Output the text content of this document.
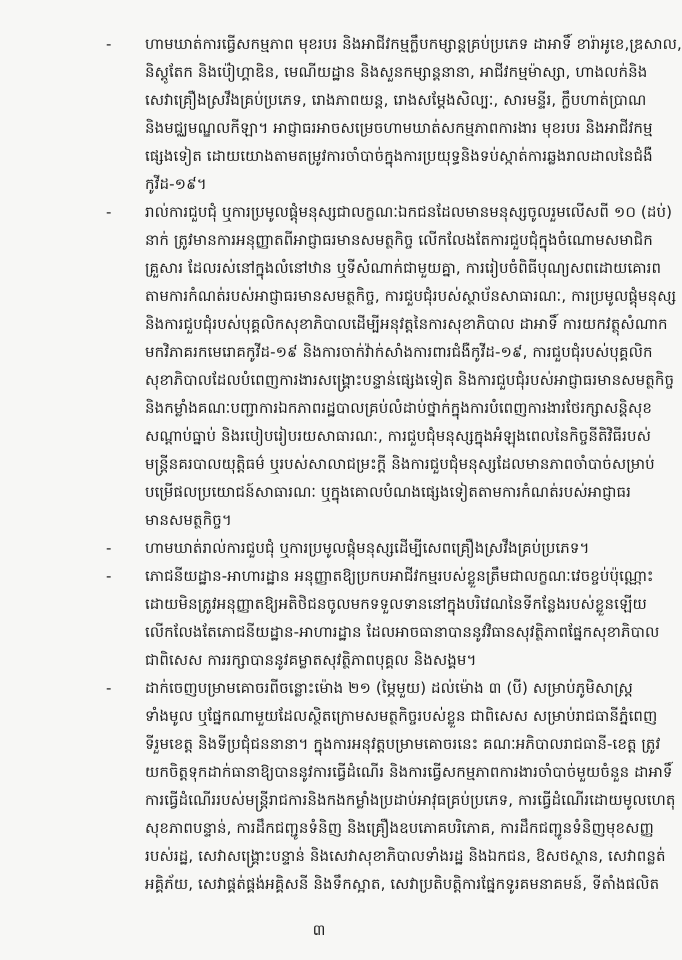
- ហាមឃាត់ការធ្វើសកម្មភាព មុខរបរ និងអាជីវកម្មក្លឹបកម្សាន្តគ្រប់ប្រភេទ ដាអាទិ៍ ខារ៉ាអូខេ,ឌ្រសាល,
និស្តូតែក និងប៉ៀហ្គាឌិន, មេណីយដ្ឋាន និងសួនកម្សាន្តនានា, អាជីវកម្មម៉ាស្សា, ហាងលក់និង
សេវាគ្រឿងស្រវឹងគ្រប់ប្រភេទ, រោងភាពយន្ត, រោងសម្ដែងសិល្បៈ, សារមន្ទីរ, ក្លឹបហាត់ប្រាណ
និងមជ្ឈមណ្ឌលកីឡា។ អាជ្ញាធរអាចសម្រេចហាមឃាត់សកម្មភាពការងារ មុខរបរ និងអាជីវកម្ម
ផ្សេងទៀត ដោយយោងតាមតម្រូវការចាំបាច់ក្នុងការប្រយុទ្ធនិងទប់ស្កាត់ការឆ្លងរាលដាលនៃជំងឺ
កូវីដ-១៩។
- រាល់ការជួបជុំ ឬការប្រមូលផ្តុំមនុស្សជាលក្ខណៈឯកជនដែលមានមនុស្សចូលរួមលើសពី ១០ (ដប់)
នាក់ ត្រូវមានការអនុញ្ញាតពីអាជ្ញាធរមានសមត្ថកិច្ច លើកលែងតែការជួបជុំក្នុងចំណោមសមាជិក
គ្រួសារ ដែលរស់នៅក្នុងលំនៅឋាន ឬទីសំណាក់ជាមួយគ្នា, ការរៀបចំពិធីបុណ្យសពដោយគោរព
តាមការកំណត់របស់អាជ្ញាធរមានសមត្ថកិច្ច, ការជួបជុំរបស់ស្ថាប័នសាធារណៈ, ការប្រមូលផ្តុំមនុស្ស
និងការជួបជុំរបស់បុគ្គលិកសុខាភិបាលដើម្បីអនុវត្តនៃការសុខាភិបាល ដាអាទិ៍ ការយកវត្ថុសំណាក
មកវិភាគរកមេរោគកូវីដ-១៩ និងការចាក់វ៉ាក់សាំងការពារជំងឺកូវីដ-១៩, ការជួបជុំរបស់បុគ្គលិក
សុខាភិបាលដែលបំពេញការងារសង្គ្រោះបន្ទាន់ផ្សេងទៀត និងការជួបជុំរបស់អាជ្ញាធរមានសមត្ថកិច្ច
និងកម្លាំងគណៈបញ្ជាការឯកភាពរដ្ឋបាលគ្រប់លំដាប់ថ្នាក់ក្នុងការបំពេញការងារថែរក្សាសន្តិសុខ
សណ្តាប់ធ្នាប់ និងរបៀបរៀបរយសាធារណៈ, ការជួបជុំមនុស្សក្នុងអំឡុងពេលនៃកិច្ចនីតិវិធីរបស់
មន្ត្រីនគរបាលយុត្តិធម៌ ឬរបស់សាលាជម្រះក្តី និងការជួបជុំមនុស្សដែលមានភាពចាំបាច់សម្រាប់
បម្រើផលប្រយោជន៍សាធារណៈ ឬក្នុងគោលបំណងផ្សេងទៀតតាមការកំណត់របស់អាជ្ញាធរ
មានសមត្ថកិច្ច។
- ហាមឃាត់រាល់ការជួបជុំ ឬការប្រមូលផ្តុំមនុស្សដើម្បីសេពគ្រឿងស្រវឹងគ្រប់ប្រភេទ។
- ភោជនីយដ្ឋាន-អាហារដ្ឋាន អនុញ្ញាតឱ្យប្រកបអាជីវកម្មរបស់ខ្លួនត្រឹមជាលក្ខណៈវេចខ្ចប់ប៉ុណ្ណោះ
ដោយមិនត្រូវអនុញ្ញាតឱ្យអតិថិជនចូលមកទទួលទាននៅក្នុងបរិវេណនៃទីកន្លែងរបស់ខ្លួនឡើយ
លើកលែងតែភោជនីយដ្ឋាន-អាហារដ្ឋាន ដែលអាចធានាបាននូវវិធានសុវត្ថិភាពផ្នែកសុខាភិបាល
ជាពិសេស ការរក្សាបាននូវគម្លាតសុវត្ថិភាពបុគ្គល និងសង្គម។
- ដាក់ចេញបម្រាមគោចរពីចន្លោះម៉ោង ២១ (ម្ភៃមួយ) ដល់ម៉ោង ៣ (បី) សម្រាប់ភូមិសាស្ត្រ
ទាំងមូល ឬផ្នែកណាមួយដែលស្ថិតក្រោមសមត្ថកិច្ចរបស់ខ្លួន ជាពិសេស សម្រាប់រាជធានីភ្នំពេញ
ទីរួមខេត្ត និងទីប្រជុំជននានា។ ក្នុងការអនុវត្តបម្រាមគោចរនេះ គណៈអភិបាលរាជធានី-ខេត្ត ត្រូវ
យកចិត្តទុកដាក់ធានាឱ្យបាននូវការធ្វើដំណើរ និងការធ្វើសកម្មភាពការងារចាំបាច់មួយចំនួន ដាអាទិ៍
ការធ្វើដំណើររបស់មន្ត្រីរាជការនិងកងកម្លាំងប្រដាប់អាវុធគ្រប់ប្រភេទ, ការធ្វើដំណើរដោយមូលហេតុ
សុខភាពបន្ទាន់, ការដឹកជញ្ជូនទំនិញ និងគ្រឿងឧបភោគបរិភោគ, ការដឹកជញ្ជូនទំនិញមុខសញ្ញ
របស់រដ្ឋ, សេវាសង្គ្រោះបន្ទាន់ និងសេវាសុខាភិបាលទាំងរដ្ឋ និងឯកជន, ឱសថស្ថាន, សេវាពន្លត់
អគ្គិភ័យ, សេវាផ្គត់ផ្គង់អគ្គិសនី និងទឹកស្អាត, សេវាប្រតិបត្តិការផ្នែកទូរគមនាគមន៍, ទីតាំងផលិត
៣
